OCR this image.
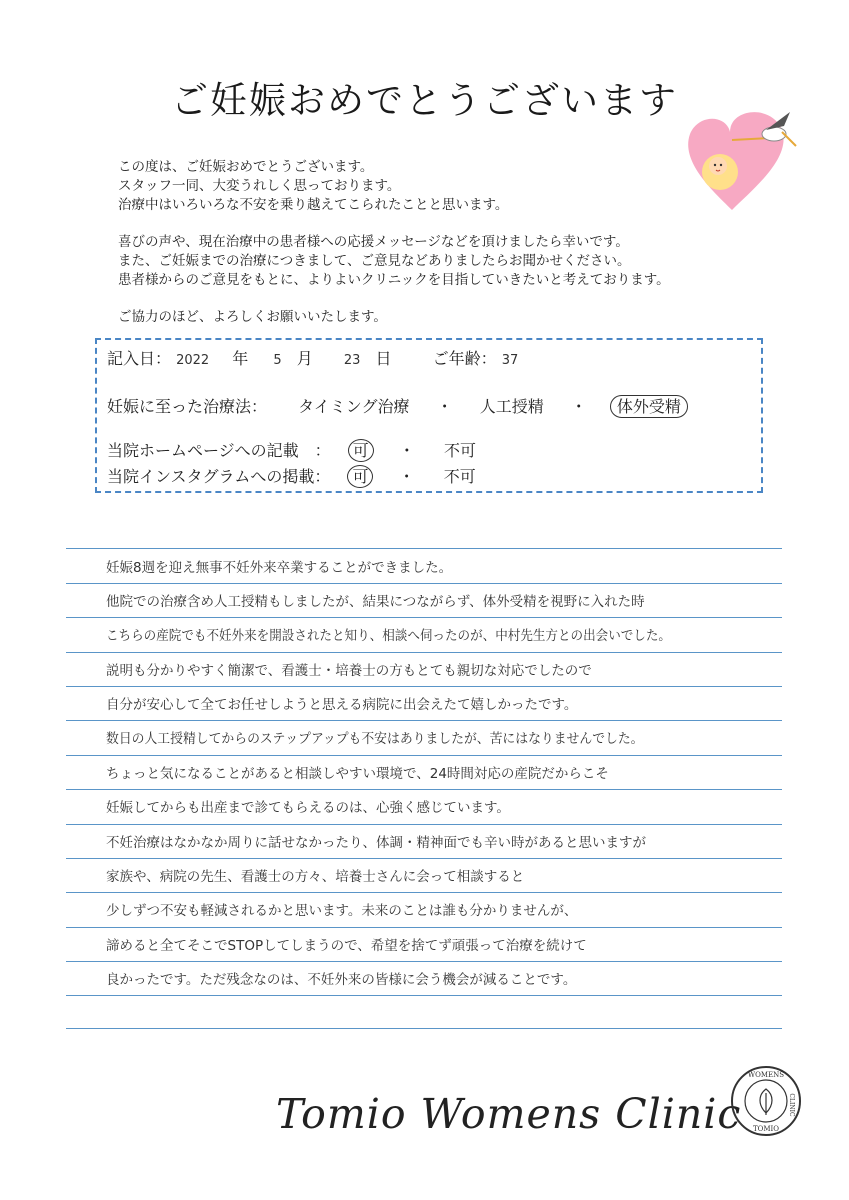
ご妊娠おめでとうございます

この度は、ご妊娠おめでとうございます。

スタッフ一同、大変うれしく思っております。

治療中はいろいろな不安を乗り越えてこられたことと思います。

喜びの声や、現在治療中の患者様への応援メッセージなどを頂けましたら幸いです。

また、ご妊娠までの治療につきまして、ご意見などありましたらお聞かせください。

患者様からのご意見をもとに、よりよいクリニックを目指していきたいと考えております。

ご協力のほど、よろしくお願いいたします。

記入日： 2022 年 5 月 23 日	ご年齢： 37
妊娠に至った治療法： タイミング治療 ・ 人工授精 ・ 体外受精
当院ホームページへの記載　： 可 ・ 不可
当院インスタグラムへの掲載： 可 ・ 不可
妊娠8週を迎え無事不妊外来卒業することができました。
他院での治療含め人工授精もしましたが、結果につながらず、体外受精を視野に入れた時
こちらの産院でも不妊外来を開設されたと知り、相談へ伺ったのが、中村先生方との出会いでした。
説明も分かりやすく簡潔で、看護士・培養士の方もとても親切な対応でしたので
自分が安心して全てお任せしようと思える病院に出会えたて嬉しかったです。
数日の人工授精してからのステップアップも不安はありましたが、苦にはなりませんでした。
ちょっと気になることがあると相談しやすい環境で、24時間対応の産院だからこそ
妊娠してからも出産まで診てもらえるのは、心強く感じています。
不妊治療はなかなか周りに話せなかったり、体調・精神面でも辛い時があると思いますが
家族や、病院の先生、看護士の方々、培養士さんに会って相談すると
少しずつ不安も軽減されるかと思います。未来のことは誰も分かりませんが、
諦めると全てそこでSTOPしてしまうので、希望を捨てず頑張って治療を続けて
良かったです。ただ残念なのは、不妊外来の皆様に会う機会が減ることです。
Tomio Womens Clinic
WOMENS
CLINIC
TOMIO
